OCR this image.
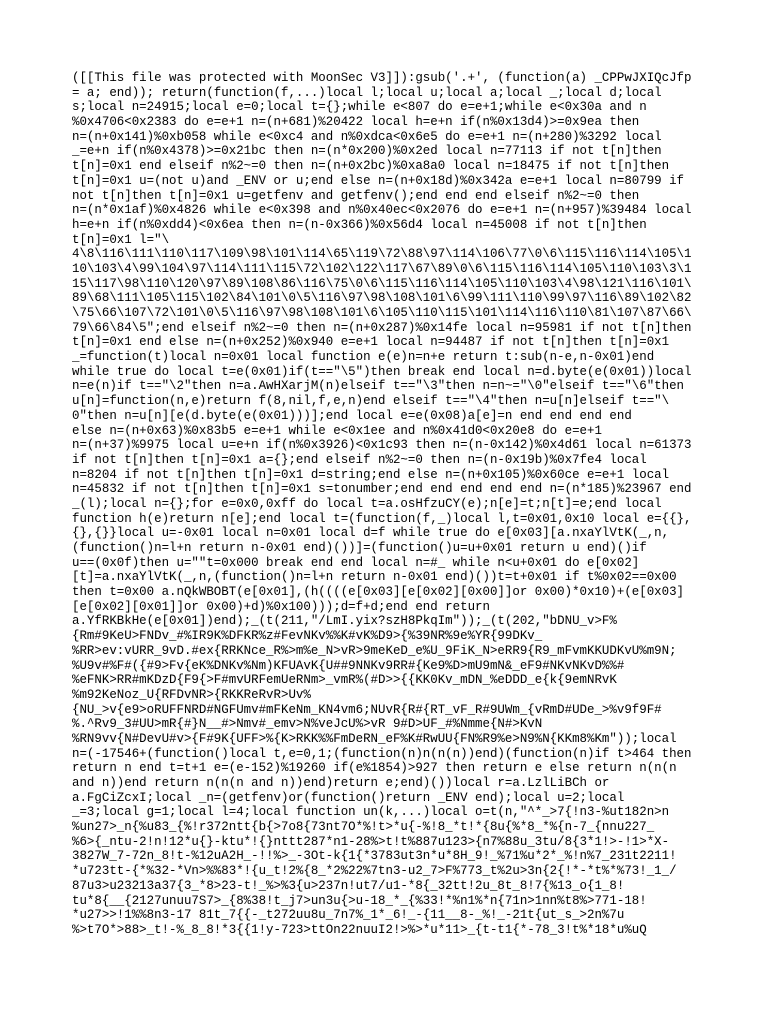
([[This file was protected with MoonSec V3]]):gsub('.+', (function(a) _CPPwJXIQcJfp
= a; end)); return(function(f,...)local l;local u;local a;local _;local d;local
s;local n=24915;local e=0;local t={};while e<807 do e=e+1;while e<0x30a and n
%0x4706<0x2383 do e=e+1 n=(n+681)%20422 local h=e+n if(n%0x13d4)>=0x9ea then
n=(n+0x141)%0xb058 while e<0xc4 and n%0xdca<0x6e5 do e=e+1 n=(n+280)%3292 local
_=e+n if(n%0x4378)>=0x21bc then n=(n*0x200)%0x2ed local n=77113 if not t[n]then
t[n]=0x1 end elseif n%2~=0 then n=(n+0x2bc)%0xa8a0 local n=18475 if not t[n]then
t[n]=0x1 u=(not u)and _ENV or u;end else n=(n+0x18d)%0x342a e=e+1 local n=80799 if
not t[n]then t[n]=0x1 u=getfenv and getfenv();end end end elseif n%2~=0 then
n=(n*0x1af)%0x4826 while e<0x398 and n%0x40ec<0x2076 do e=e+1 n=(n+957)%39484 local
h=e+n if(n%0xdd4)<0x6ea then n=(n-0x366)%0x56d4 local n=45008 if not t[n]then
t[n]=0x1 l="\
4\8\116\111\110\117\109\98\101\114\65\119\72\88\97\114\106\77\0\6\115\116\114\105\1
10\103\4\99\104\97\114\111\115\72\102\122\117\67\89\0\6\115\116\114\105\110\103\3\1
15\117\98\110\120\97\89\108\86\116\75\0\6\115\116\114\105\110\103\4\98\121\116\101\
89\68\111\105\115\102\84\101\0\5\116\97\98\108\101\6\99\111\110\99\97\116\89\102\82
\75\66\107\72\101\0\5\116\97\98\108\101\6\105\110\115\101\114\116\110\81\107\87\66\
79\66\84\5";end elseif n%2~=0 then n=(n+0x287)%0x14fe local n=95981 if not t[n]then
t[n]=0x1 end else n=(n+0x252)%0x940 e=e+1 local n=94487 if not t[n]then t[n]=0x1
_=function(t)local n=0x01 local function e(e)n=n+e return t:sub(n-e,n-0x01)end
while true do local t=e(0x01)if(t=="\5")then break end local n=d.byte(e(0x01))local
n=e(n)if t=="\2"then n=a.AwHXarjM(n)elseif t=="\3"then n=n~="\0"elseif t=="\6"then
u[n]=function(n,e)return f(8,nil,f,e,n)end elseif t=="\4"then n=u[n]elseif t=="\
0"then n=u[n][e(d.byte(e(0x01)))];end local e=e(0x08)a[e]=n end end end end
else n=(n+0x63)%0x83b5 e=e+1 while e<0x1ee and n%0x41d0<0x20e8 do e=e+1
n=(n+37)%9975 local u=e+n if(n%0x3926)<0x1c93 then n=(n-0x142)%0x4d61 local n=61373
if not t[n]then t[n]=0x1 a={};end elseif n%2~=0 then n=(n-0x19b)%0x7fe4 local
n=8204 if not t[n]then t[n]=0x1 d=string;end else n=(n+0x105)%0x60ce e=e+1 local
n=45832 if not t[n]then t[n]=0x1 s=tonumber;end end end end end n=(n*185)%23967 end
_(l);local n={};for e=0x0,0xff do local t=a.osHfzuCY(e);n[e]=t;n[t]=e;end local
function h(e)return n[e];end local t=(function(f,_)local l,t=0x01,0x10 local e={{},
{},{}}local u=-0x01 local n=0x01 local d=f while true do e[0x03][a.nxaYlVtK(_,n,
(function()n=l+n return n-0x01 end)())]=(function()u=u+0x01 return u end)()if
u==(0x0f)then u=""t=0x000 break end end local n=#_ while n<u+0x01 do e[0x02]
[t]=a.nxaYlVtK(_,n,(function()n=l+n return n-0x01 end)())t=t+0x01 if t%0x02==0x00
then t=0x00 a.nQkWBOBT(e[0x01],(h((((e[0x03][e[0x02][0x00]]or 0x00)*0x10)+(e[0x03]
[e[0x02][0x01]]or 0x00)+d)%0x100)));d=f+d;end end return
a.YfRKBkHe(e[0x01])end);_(t(211,"/LmI.yix?szH8PkqIm"));_(t(202,"bDNU_v>F%
{Rm#9KeU>FNDv_#%IR9K%DFKR%z#FevNKv%%K#vK%D9>{%39NR%9e%YR{99DKv_
%RR>ev:vURR_9vD.#ex{RRKNce_R%>m%e_N>vR>9meKeD_e%U_9FiK_N>eRR9{R9_mFvmKKUDKvU%m9N;
%U9v#%F#({#9>Fv{eK%DNKv%Nm)KFUAvK{U##9NNKv9RR#{Ke9%D>mU9mN&_eF9#NKvNKvD%%#
%eFNK>RR#mKDzD{F9{>F#mvURFemUeRNm>_vmR%(#D>>{{KK0Kv_mDN_%eDDD_e{k{9emNRvK
%m92KeNoz_U{RFDvNR>{RKKReRvR>Uv%
{NU_>v{e9>oRUFFNRD#NGFUmv#mFKeNm_KN4vm6;NUvR{R#{RT_vF_R#9UWm_{vRmD#UDe_>%v9f9F#
%.^Rv9_3#UU>mR{#}N__#>Nmv#_emv>N%veJcU%>vR 9#D>UF_#%Nmme{N#>KvN
%RN9vv{N#DevU#v>{F#9K{UFF>%{K>RKK%%FmDeRN_eF%K#RwUU{FN%R9%e>N9%N{KKm8%Km"));local
n=(-17546+(function()local t,e=0,1;(function(n)n(n(n))end)(function(n)if t>464 then
return n end t=t+1 e=(e-152)%19260 if(e%1854)>927 then return e else return n(n(n
and n))end return n(n(n and n))end)return e;end)())local r=a.LzlLiBCh or
a.FgCiZcxI;local _n=(getfenv)or(function()return _ENV end);local u=2;local
_=3;local g=1;local l=4;local function un(k,...)local o=t(n,"^*_>7{!n3-%ut182n>n
%un27>_n{%u83_{%!r372ntt{b{>7o8{73nt7O*%!t>*u{-%!8_*t!*{8u{%*8_*%{n-7_{nnu227_
%6>{_ntu-2!n!12*u{}-ktu*!{}nttt287*n1-28%>t!t%887u123>{n7%88u_3tu/8{3*1!>-!1>*X-
3827W_7-72n_8!t-%12uA2H_-!!%>_-3Ot-k{1{*3783ut3n*u*8H_9!_%71%u*2*_%!n%7_231t2211!
*u723tt-{*%32-*Vn>%%83*!{u_t!2%{8_*2%22%7tn3-u2_7>F%773_t%2u>3n{2{!*-*t%*%73!_1_/
87u3>u23213a37{3_*8>23-t!_%>%3{u>237n!ut7/u1-*8{_32tt!2u_8t_8!7{%13_o{1_8!
tu*8{__{2127unuu7S7>_{8%38!t_j7>un3u{>u-18_*_{%33!*%n1%*n{71n>1nn%t8%>771-18!
*u27>>!1%%8n3-17 81t_7{{-_t272uu8u_7n7%_1*_6!_-{11__8-_%!_-21t{ut_s_>2n%7u
%>t7O*>88>_t!-%_8_8!*3{{1!y-723>ttOn22nuuI2!>%>*u*11>_{t-t1{*-78_3!t%*18*u%uQ
